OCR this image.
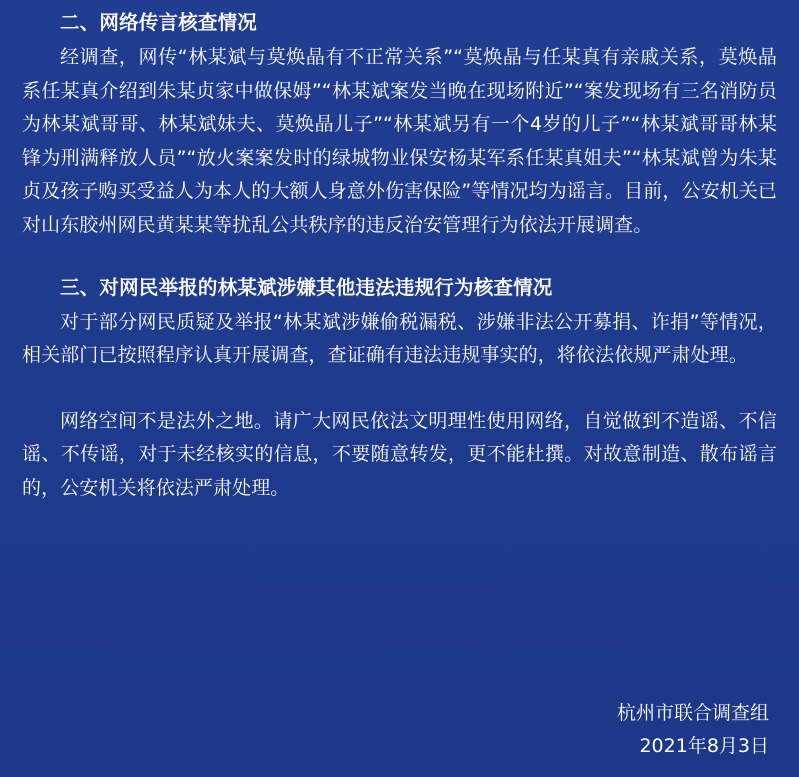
二、网络传言核查情况

经调查，网传“林某斌与莫焕晶有不正常关系”“莫焕晶与任某真有亲戚关系，莫焕晶系任某真介绍到朱某贞家中做保姆”“林某斌案发当晚在现场附近”“案发现场有三名消防员为林某斌哥哥、林某斌妹夫、莫焕晶儿子”“林某斌另有一个4岁的儿子”“林某斌哥哥林某锋为刑满释放人员”“放火案案发时的绿城物业保安杨某军系任某真姐夫”“林某斌曾为朱某贞及孩子购买受益人为本人的大额人身意外伤害保险”等情况均为谣言。目前，公安机关已对山东胶州网民黄某某等扰乱公共秩序的违反治安管理行为依法开展调查。

三、对网民举报的林某斌涉嫌其他违法违规行为核查情况

对于部分网民质疑及举报“林某斌涉嫌偷税漏税、涉嫌非法公开募捐、诈捐”等情况，相关部门已按照程序认真开展调查，查证确有违法违规事实的，将依法依规严肃处理。

网络空间不是法外之地。请广大网民依法文明理性使用网络，自觉做到不造谣、不信谣、不传谣，对于未经核实的信息，不要随意转发，更不能杜撰。对故意制造、散布谣言的，公安机关将依法严肃处理。

杭州市联合调查组
2021年8月3日
